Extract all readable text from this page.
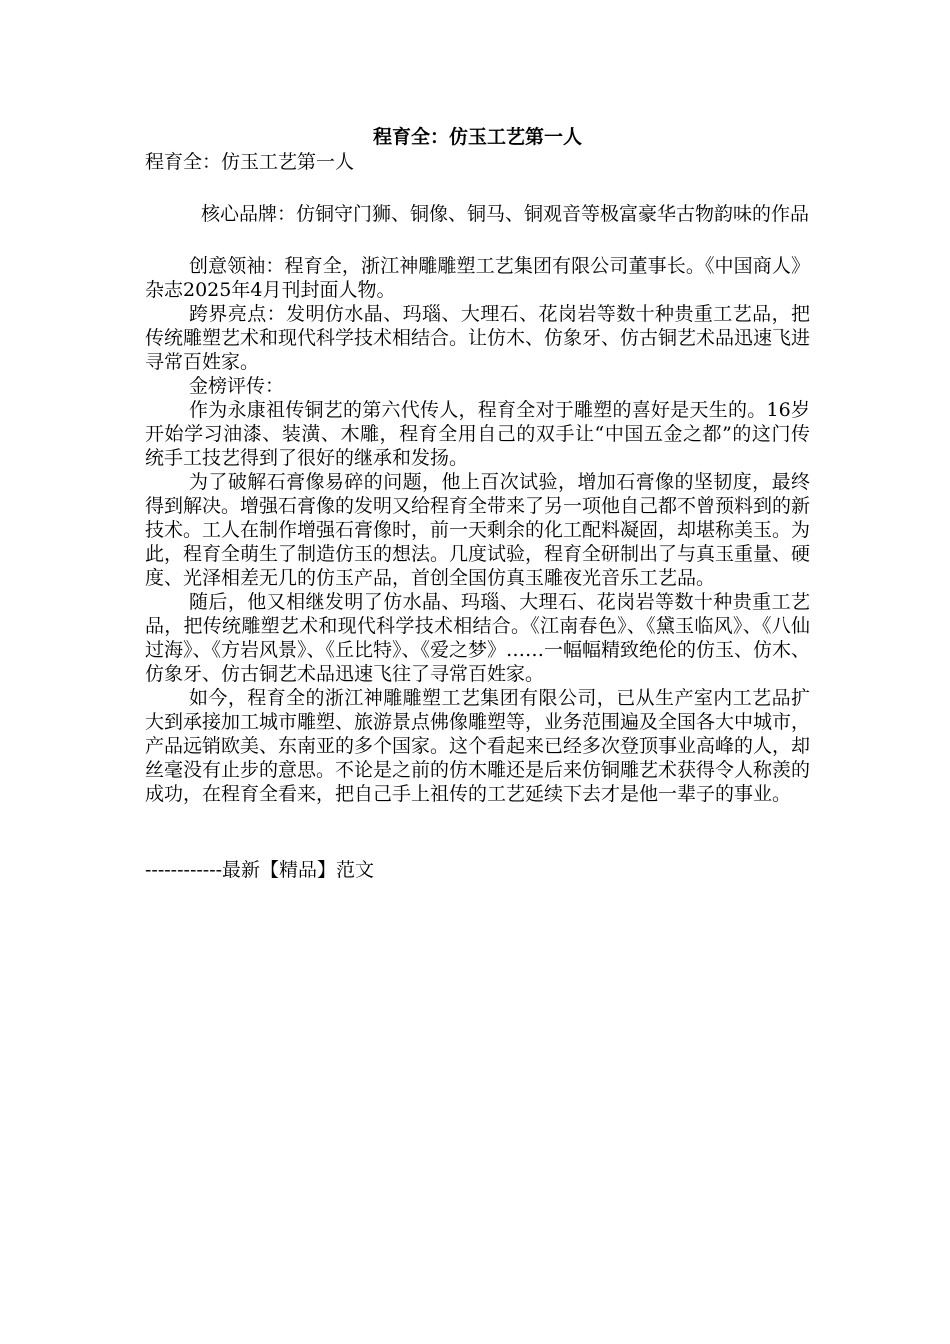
程育全：仿玉工艺第一人
程育全：仿玉工艺第一人

核心品牌：仿铜守门狮、铜像、铜马、铜观音等极富豪华古物韵味的作品

创意领袖：程育全，浙江神雕雕塑工艺集团有限公司董事长。《中国商人》杂志2025年4月刊封面人物。

跨界亮点：发明仿水晶、玛瑙、大理石、花岗岩等数十种贵重工艺品，把传统雕塑艺术和现代科学技术相结合。让仿木、仿象牙、仿古铜艺术品迅速飞进寻常百姓家。

金榜评传：

作为永康祖传铜艺的第六代传人，程育全对于雕塑的喜好是天生的。16岁开始学习油漆、装潢、木雕，程育全用自己的双手让“中国五金之都”的这门传统手工技艺得到了很好的继承和发扬。

为了破解石膏像易碎的问题，他上百次试验，增加石膏像的坚韧度，最终得到解决。增强石膏像的发明又给程育全带来了另一项他自己都不曾预料到的新技术。工人在制作增强石膏像时，前一天剩余的化工配料凝固，却堪称美玉。为此，程育全萌生了制造仿玉的想法。几度试验，程育全研制出了与真玉重量、硬度、光泽相差无几的仿玉产品，首创全国仿真玉雕夜光音乐工艺品。

随后，他又相继发明了仿水晶、玛瑙、大理石、花岗岩等数十种贵重工艺品，把传统雕塑艺术和现代科学技术相结合。《江南春色》、《黛玉临风》、《八仙过海》、《方岩风景》、《丘比特》、《爱之梦》……一幅幅精致绝伦的仿玉、仿木、仿象牙、仿古铜艺术品迅速飞往了寻常百姓家。

如今，程育全的浙江神雕雕塑工艺集团有限公司，已从生产室内工艺品扩大到承接加工城市雕塑、旅游景点佛像雕塑等，业务范围遍及全国各大中城市，产品远销欧美、东南亚的多个国家。这个看起来已经多次登顶事业高峰的人，却丝毫没有止步的意思。不论是之前的仿木雕还是后来仿铜雕艺术获得令人称羡的成功，在程育全看来，把自己手上祖传的工艺延续下去才是他一辈子的事业。

------------最新【精品】范文
